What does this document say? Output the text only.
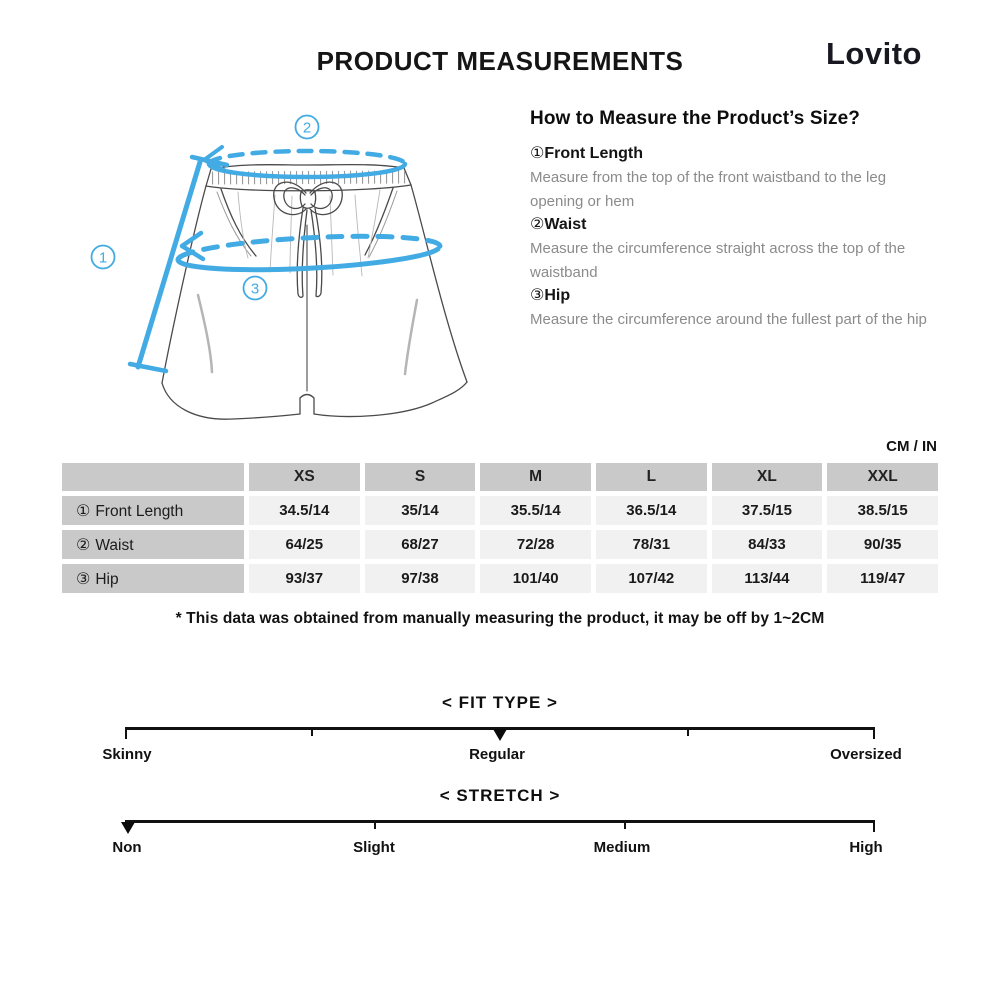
PRODUCT MEASUREMENTS	Lovito
1
2
3
How to Measure the Product’s Size?
①Front Length
Measure from the top of the front waistband to the leg opening or hem
②Waist
Measure the circumference straight across the top of the waistband
③Hip
Measure the circumference around the fullest part of the hip
CM / IN
	XS	S	M	L	XL	XXL
① Front Length	34.5/14	35/14	35.5/14	36.5/14	37.5/15	38.5/15
② Waist	64/25	68/27	72/28	78/31	84/33	90/35
③ Hip	93/37	97/38	101/40	107/42	113/44	119/47
* This data was obtained from manually measuring the product, it may be off by 1~2CM
< FIT TYPE >
Skinny	Regular	Oversized
< STRETCH >
Non	Slight	Medium	High
